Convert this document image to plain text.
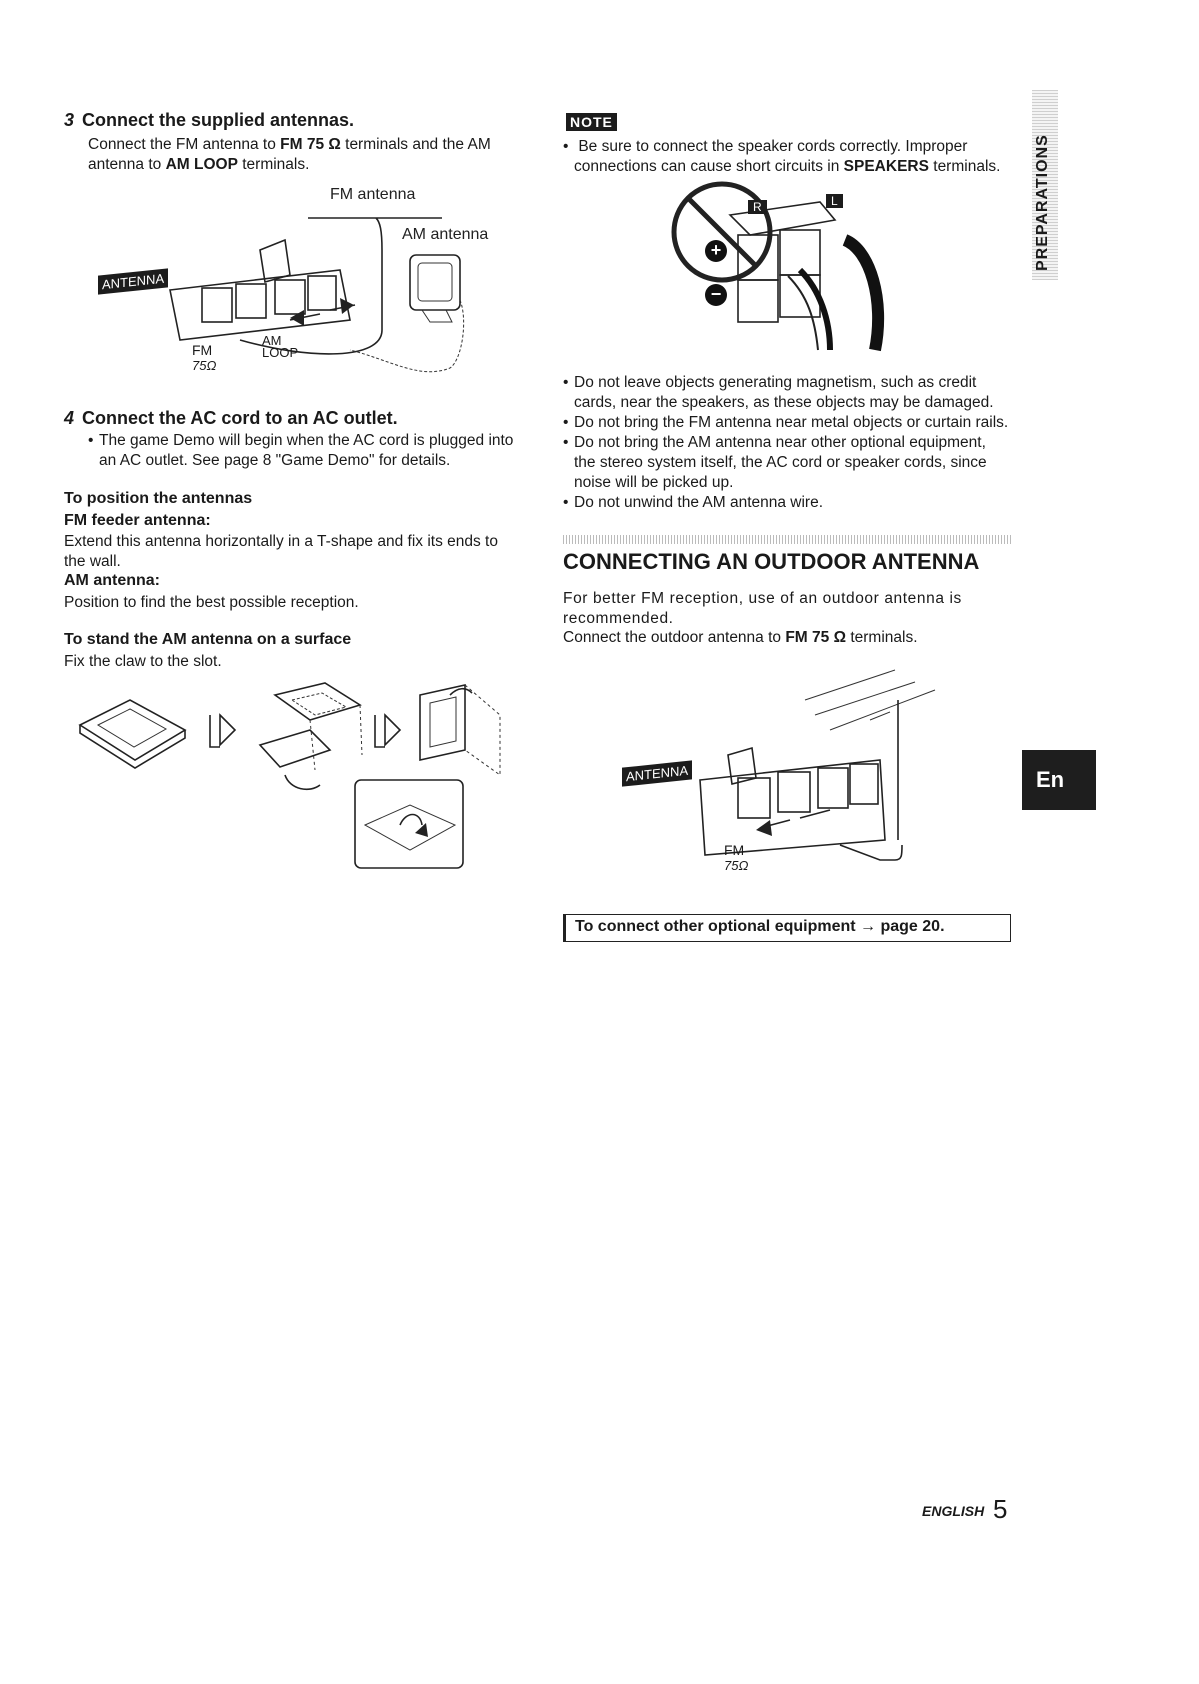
3 Connect the supplied antennas.
Connect the FM antenna to FM 75 Ω terminals and the AM antenna to AM LOOP terminals.
FM antenna
AM antenna
ANTENNA
FM
75Ω
AM LOOP
4 Connect the AC cord to an AC outlet.
• The game Demo will begin when the AC cord is plugged into an AC outlet. See page 8 "Game Demo" for details.
To position the antennas
FM feeder antenna:
Extend this antenna horizontally in a T-shape and fix its ends to the wall.
AM antenna:
Position to find the best possible reception.
To stand the AM antenna on a surface
Fix the claw to the slot.
NOTE
• Be sure to connect the speaker cords correctly. Improper connections can cause short circuits in SPEAKERS terminals.
R	L
+
−
• Do not leave objects generating magnetism, such as credit cards, near the speakers, as these objects may be damaged.
• Do not bring the FM antenna near metal objects or curtain rails.
• Do not bring the AM antenna near other optional equipment, the stereo system itself, the AC cord or speaker cords, since noise will be picked up.
• Do not unwind the AM antenna wire.
CONNECTING AN OUTDOOR ANTENNA
For better FM reception, use of an outdoor antenna is recommended.
Connect the outdoor antenna to FM 75 Ω terminals.
ANTENNA
FM
75Ω
To connect other optional equipment → page 20.
PREPARATIONS
En
ENGLISH 5
